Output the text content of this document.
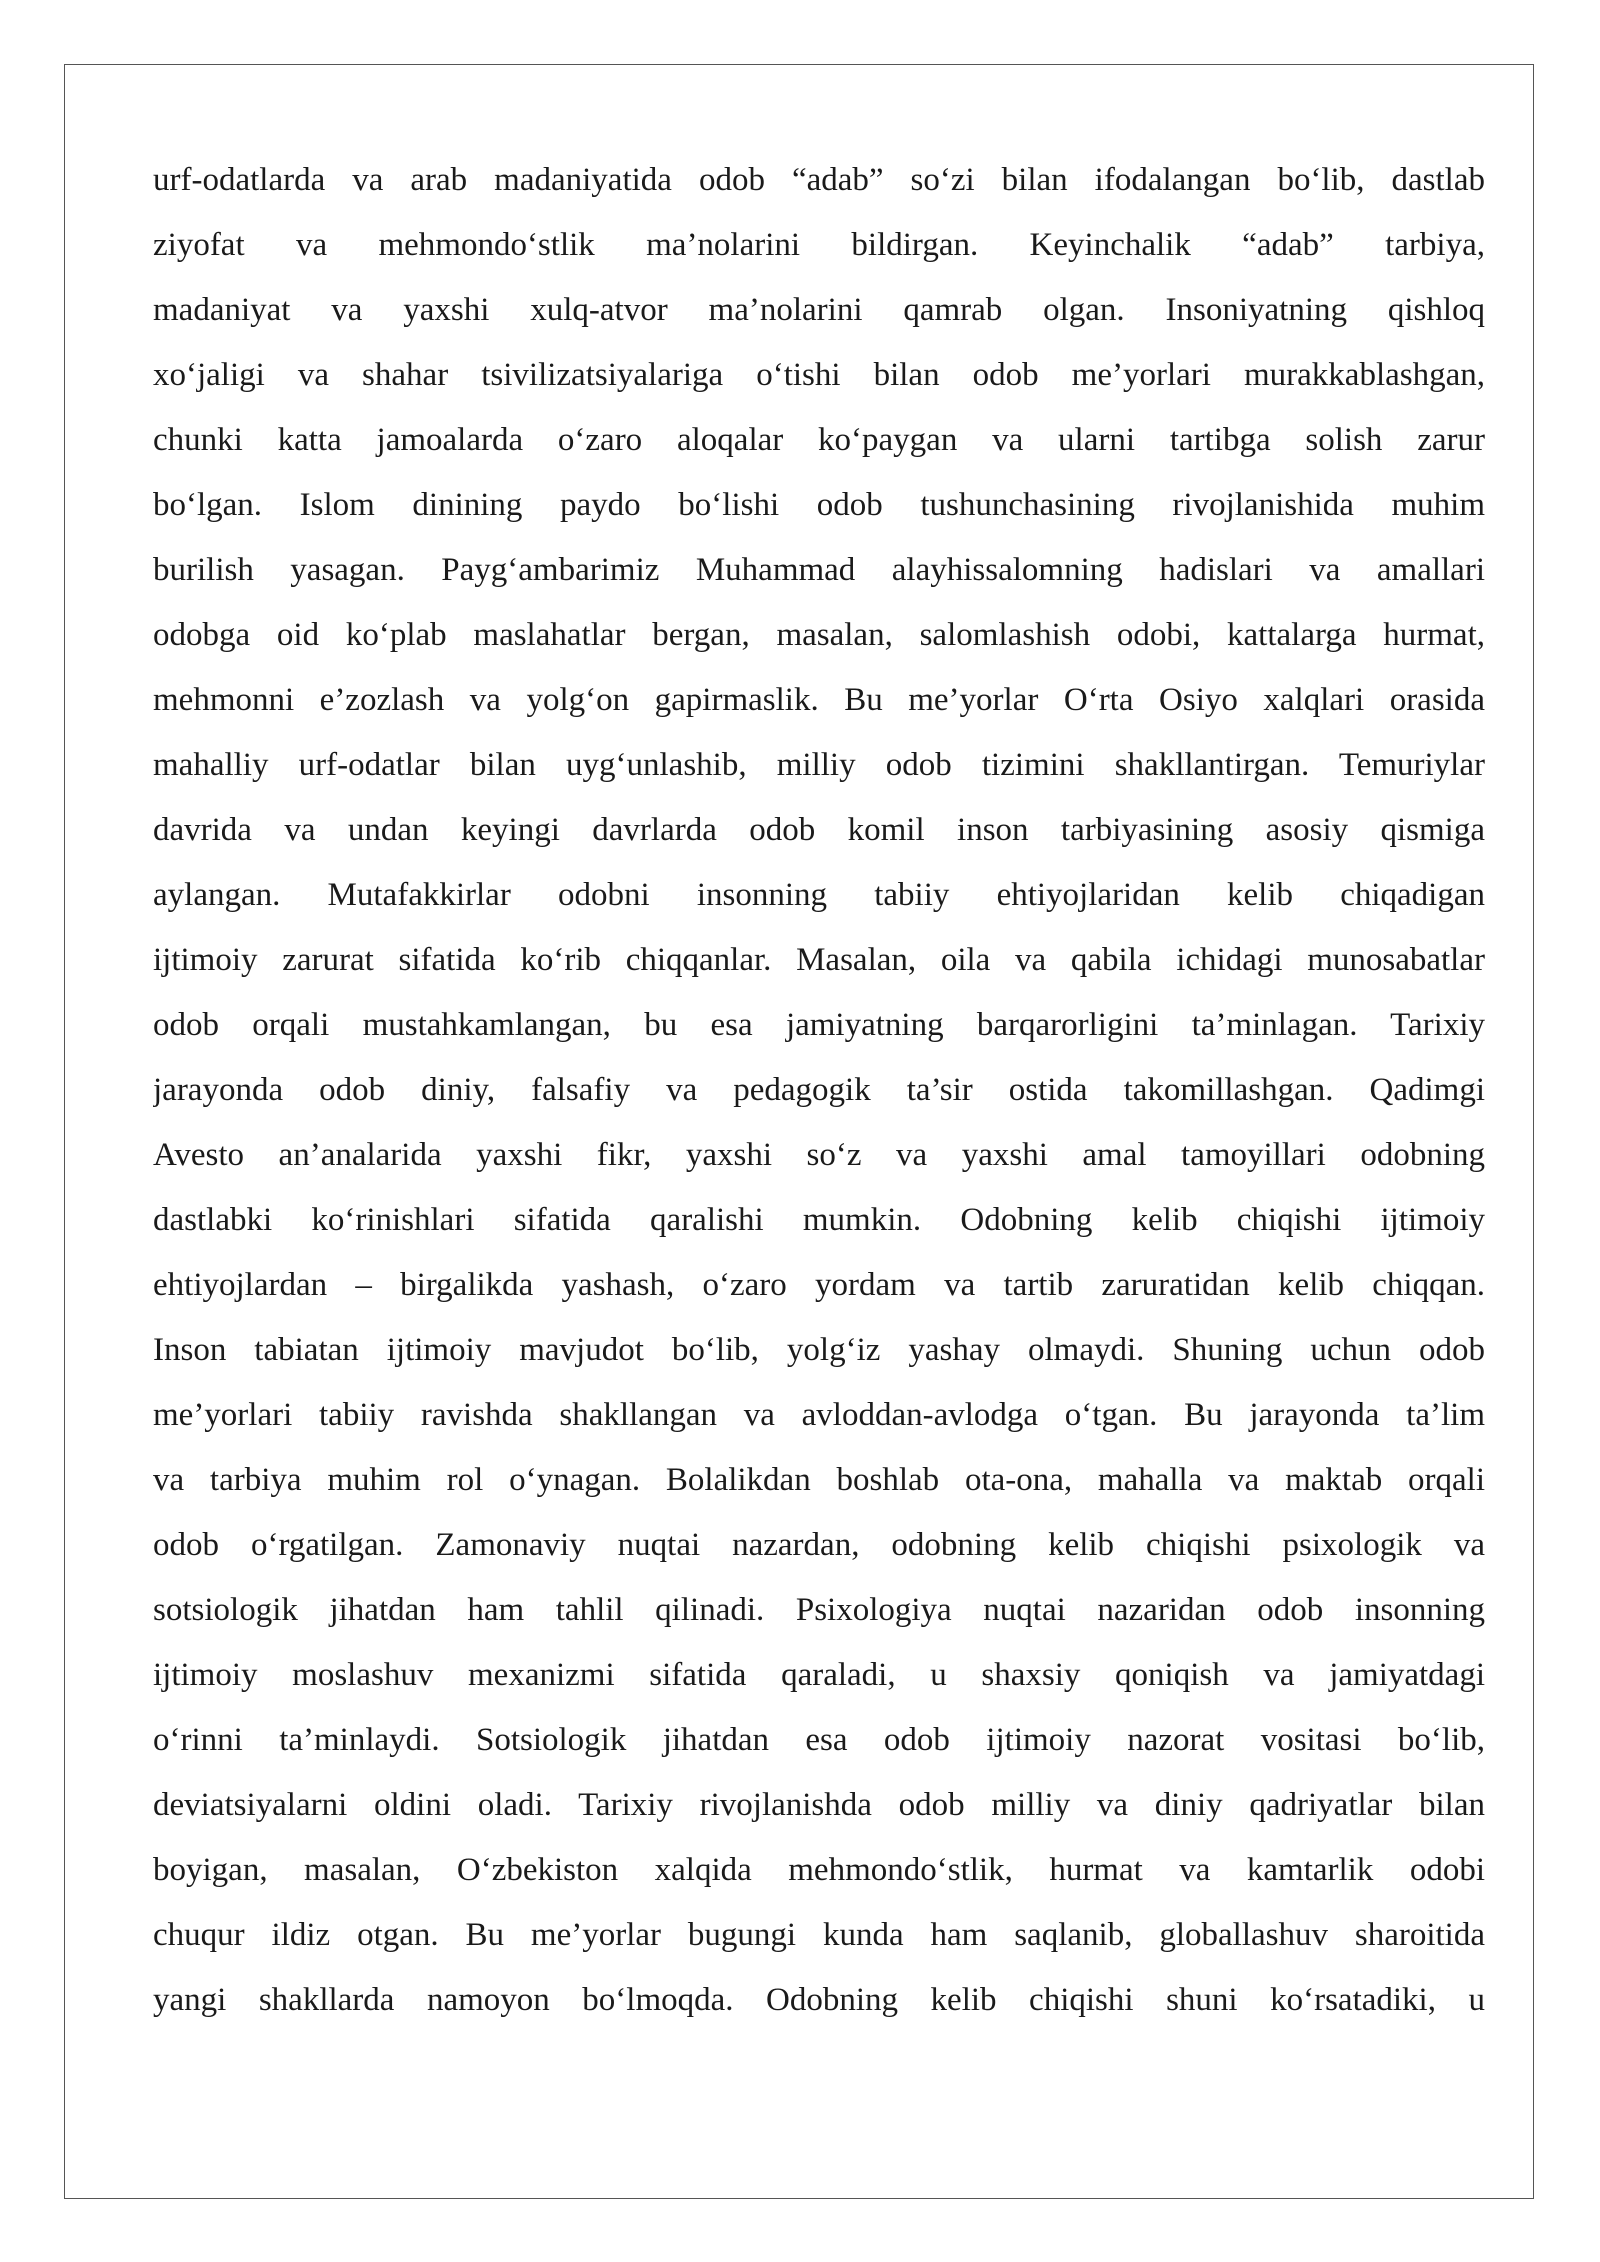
urf-odatlarda va arab madaniyatida odob “adab” so‘zi bilan ifodalangan bo‘lib, dastlab
ziyofat va mehmondo‘stlik ma’nolarini bildirgan. Keyinchalik “adab” tarbiya,
madaniyat va yaxshi xulq-atvor ma’nolarini qamrab olgan. Insoniyatning qishloq
xo‘jaligi va shahar tsivilizatsiyalariga o‘tishi bilan odob me’yorlari murakkablashgan,
chunki katta jamoalarda o‘zaro aloqalar ko‘paygan va ularni tartibga solish zarur
bo‘lgan. Islom dinining paydo bo‘lishi odob tushunchasining rivojlanishida muhim
burilish yasagan. Payg‘ambarimiz Muhammad alayhissalomning hadislari va amallari
odobga oid ko‘plab maslahatlar bergan, masalan, salomlashish odobi, kattalarga hurmat,
mehmonni e’zozlash va yolg‘on gapirmaslik. Bu me’yorlar O‘rta Osiyo xalqlari orasida
mahalliy urf-odatlar bilan uyg‘unlashib, milliy odob tizimini shakllantirgan. Temuriylar
davrida va undan keyingi davrlarda odob komil inson tarbiyasining asosiy qismiga
aylangan. Mutafakkirlar odobni insonning tabiiy ehtiyojlaridan kelib chiqadigan
ijtimoiy zarurat sifatida ko‘rib chiqqanlar. Masalan, oila va qabila ichidagi munosabatlar
odob orqali mustahkamlangan, bu esa jamiyatning barqarorligini ta’minlagan. Tarixiy
jarayonda odob diniy, falsafiy va pedagogik ta’sir ostida takomillashgan. Qadimgi
Avesto an’analarida yaxshi fikr, yaxshi so‘z va yaxshi amal tamoyillari odobning
dastlabki ko‘rinishlari sifatida qaralishi mumkin. Odobning kelib chiqishi ijtimoiy
ehtiyojlardan – birgalikda yashash, o‘zaro yordam va tartib zaruratidan kelib chiqqan.
Inson tabiatan ijtimoiy mavjudot bo‘lib, yolg‘iz yashay olmaydi. Shuning uchun odob
me’yorlari tabiiy ravishda shakllangan va avloddan-avlodga o‘tgan. Bu jarayonda ta’lim
va tarbiya muhim rol o‘ynagan. Bolalikdan boshlab ota-ona, mahalla va maktab orqali
odob o‘rgatilgan. Zamonaviy nuqtai nazardan, odobning kelib chiqishi psixologik va
sotsiologik jihatdan ham tahlil qilinadi. Psixologiya nuqtai nazaridan odob insonning
ijtimoiy moslashuv mexanizmi sifatida qaraladi, u shaxsiy qoniqish va jamiyatdagi
o‘rinni ta’minlaydi. Sotsiologik jihatdan esa odob ijtimoiy nazorat vositasi bo‘lib,
deviatsiyalarni oldini oladi. Tarixiy rivojlanishda odob milliy va diniy qadriyatlar bilan
boyigan, masalan, O‘zbekiston xalqida mehmondo‘stlik, hurmat va kamtarlik odobi
chuqur ildiz otgan. Bu me’yorlar bugungi kunda ham saqlanib, globallashuv sharoitida
yangi shakllarda namoyon bo‘lmoqda. Odobning kelib chiqishi shuni ko‘rsatadiki, u
